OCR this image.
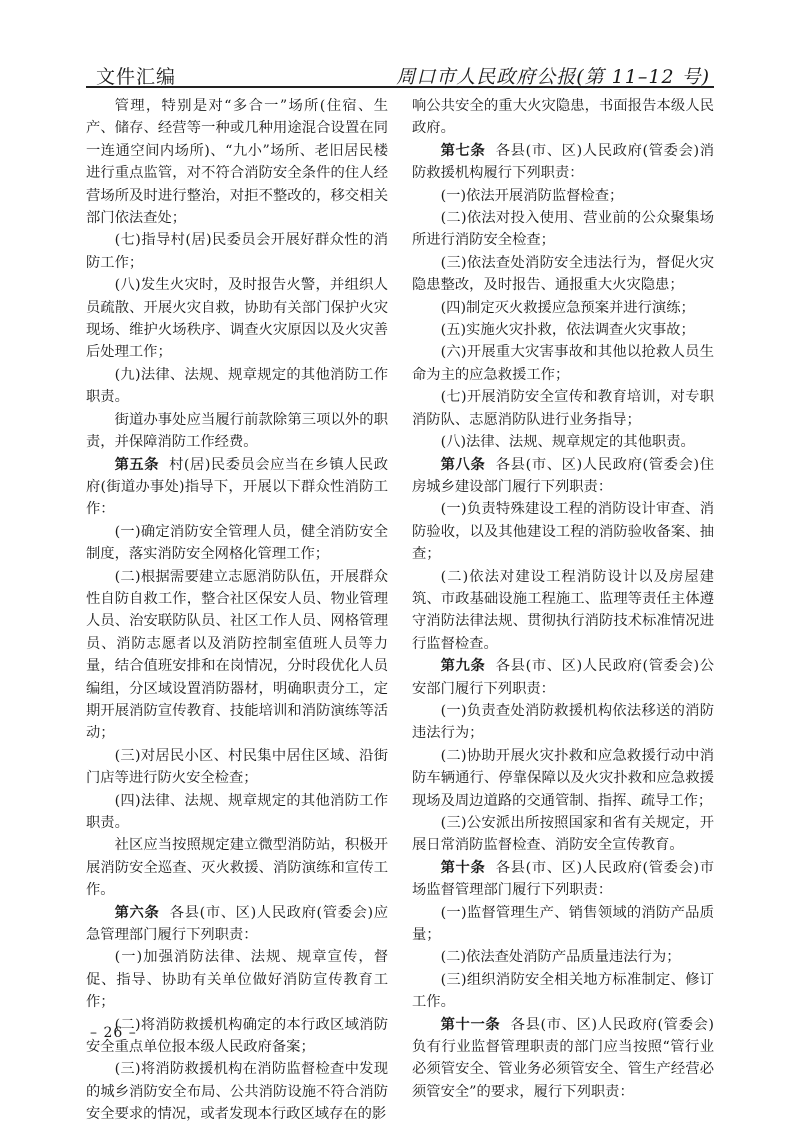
文件汇编	周口市人民政府公报(第 11–12 号)

管理，特别是对“多合一”场所(住宿、生产、储存、经营等一种或几种用途混合设置在同一连通空间内场所)、“九小”场所、老旧居民楼进行重点监管，对不符合消防安全条件的住人经营场所及时进行整治，对拒不整改的，移交相关部门依法查处；

(七)指导村(居)民委员会开展好群众性的消防工作；

(八)发生火灾时，及时报告火警，并组织人员疏散、开展火灾自救，协助有关部门保护火灾现场、维护火场秩序、调查火灾原因以及火灾善后处理工作；

(九)法律、法规、规章规定的其他消防工作职责。

街道办事处应当履行前款除第三项以外的职责，并保障消防工作经费。

第五条 村(居)民委员会应当在乡镇人民政府(街道办事处)指导下，开展以下群众性消防工作：

(一)确定消防安全管理人员，健全消防安全制度，落实消防安全网格化管理工作；

(二)根据需要建立志愿消防队伍，开展群众性自防自救工作，整合社区保安人员、物业管理人员、治安联防队员、社区工作人员、网格管理员、消防志愿者以及消防控制室值班人员等力量，结合值班安排和在岗情况，分时段优化人员编组，分区域设置消防器材，明确职责分工，定期开展消防宣传教育、技能培训和消防演练等活动；

(三)对居民小区、村民集中居住区域、沿街门店等进行防火安全检查；

(四)法律、法规、规章规定的其他消防工作职责。

社区应当按照规定建立微型消防站，积极开展消防安全巡查、灭火救援、消防演练和宣传工作。

第六条 各县(市、区)人民政府(管委会)应急管理部门履行下列职责：

(一)加强消防法律、法规、规章宣传，督促、指导、协助有关单位做好消防宣传教育工作；

(二)将消防救援机构确定的本行政区域消防安全重点单位报本级人民政府备案；

(三)将消防救援机构在消防监督检查中发现的城乡消防安全布局、公共消防设施不符合消防安全要求的情况，或者发现本行政区域存在的影

响公共安全的重大火灾隐患，书面报告本级人民政府。

第七条 各县(市、区)人民政府(管委会)消防救援机构履行下列职责：

(一)依法开展消防监督检查；

(二)依法对投入使用、营业前的公众聚集场所进行消防安全检查；

(三)依法查处消防安全违法行为，督促火灾隐患整改，及时报告、通报重大火灾隐患；

(四)制定灭火救援应急预案并进行演练；

(五)实施火灾扑救，依法调查火灾事故；

(六)开展重大灾害事故和其他以抢救人员生命为主的应急救援工作；

(七)开展消防安全宣传和教育培训，对专职消防队、志愿消防队进行业务指导；

(八)法律、法规、规章规定的其他职责。

第八条 各县(市、区)人民政府(管委会)住房城乡建设部门履行下列职责：

(一)负责特殊建设工程的消防设计审查、消防验收，以及其他建设工程的消防验收备案、抽查；

(二)依法对建设工程消防设计以及房屋建筑、市政基础设施工程施工、监理等责任主体遵守消防法律法规、贯彻执行消防技术标准情况进行监督检查。

第九条 各县(市、区)人民政府(管委会)公安部门履行下列职责：

(一)负责查处消防救援机构依法移送的消防违法行为；

(二)协助开展火灾扑救和应急救援行动中消防车辆通行、停靠保障以及火灾扑救和应急救援现场及周边道路的交通管制、指挥、疏导工作；

(三)公安派出所按照国家和省有关规定，开展日常消防监督检查、消防安全宣传教育。

第十条 各县(市、区)人民政府(管委会)市场监督管理部门履行下列职责：

(一)监督管理生产、销售领域的消防产品质量；

(二)依法查处消防产品质量违法行为；

(三)组织消防安全相关地方标准制定、修订工作。

第十一条 各县(市、区)人民政府(管委会)负有行业监督管理职责的部门应当按照“管行业必须管安全、管业务必须管安全、管生产经营必须管安全”的要求，履行下列职责：

– 26 –
